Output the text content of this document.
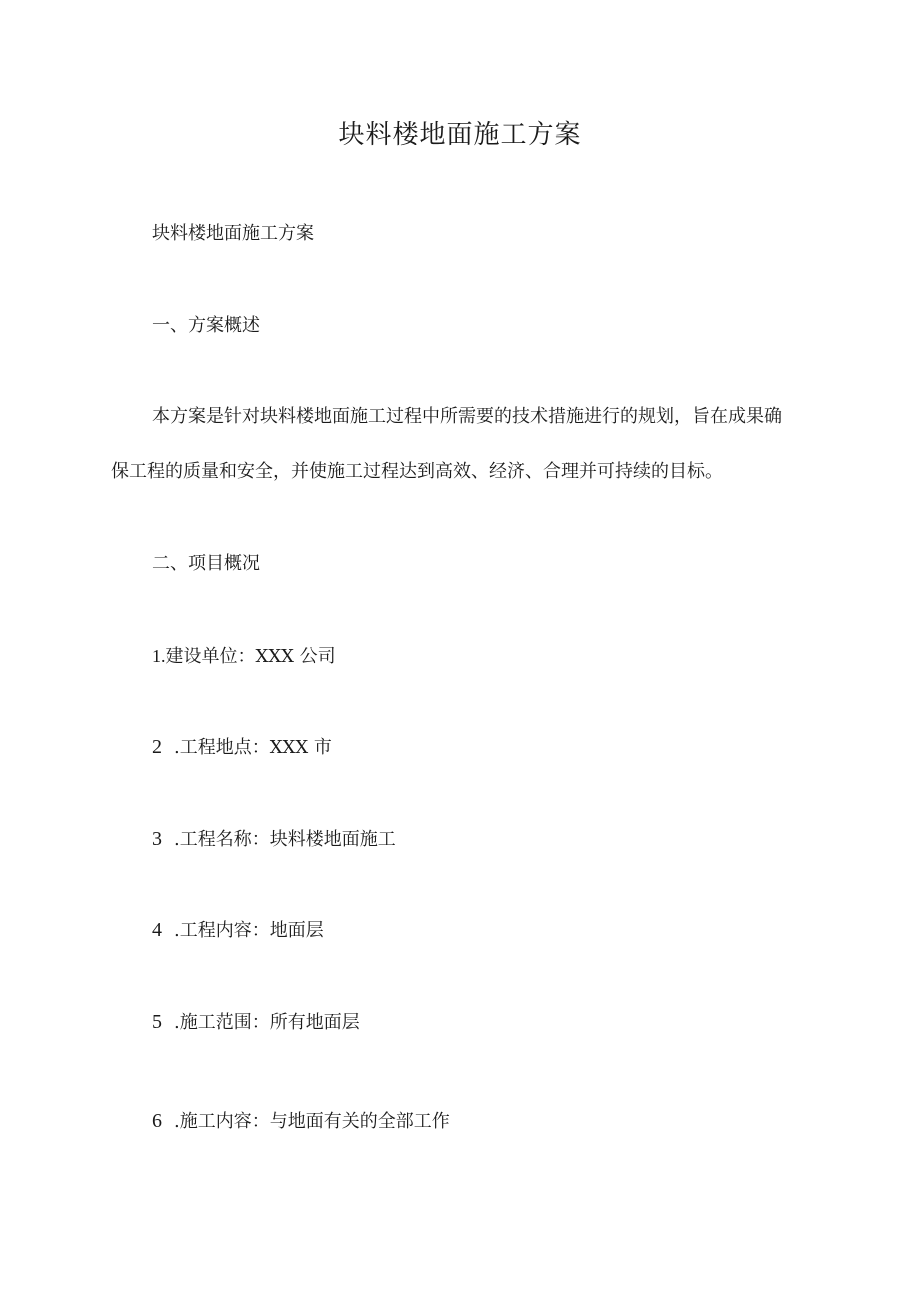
块料楼地面施工方案
块料楼地面施工方案
一、方案概述
本方案是针对块料楼地面施工过程中所需要的技术措施进行的规划，旨在成果确
保工程的质量和安全，并使施工过程达到高效、经济、合理并可持续的目标。
二、项目概况
1.建设单位：XXX 公司
2 .工程地点：XXX 市
3 .工程名称：块料楼地面施工
4 .工程内容：地面层
5 .施工范围：所有地面层
6 .施工内容：与地面有关的全部工作
